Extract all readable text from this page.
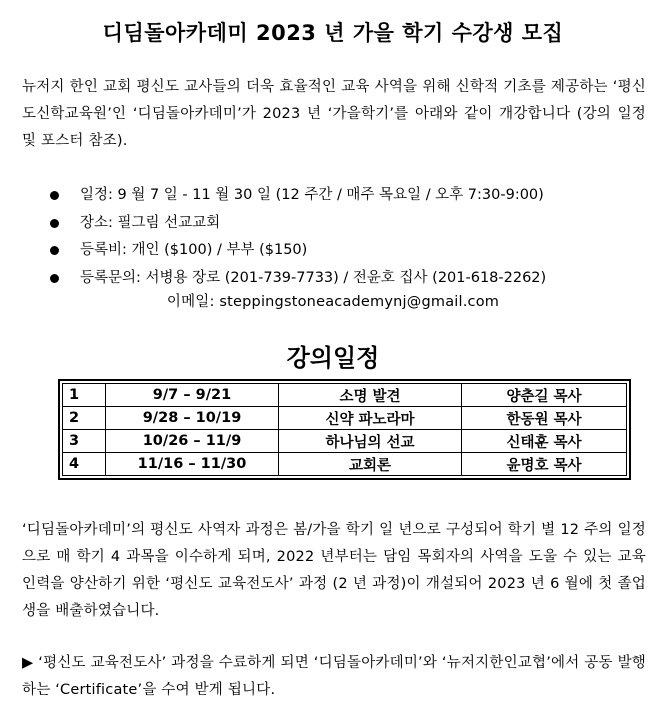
디딤돌아카데미 2023 년 가을 학기 수강생 모집
뉴저지 한인 교회 평신도 교사들의 더욱 효율적인 교육 사역을 위해 신학적 기초를 제공하는 ‘평신도신학교육원’인 ‘디딤돌아카데미’가 2023 년 ‘가을학기’를 아래와 같이 개강합니다 (강의 일정 및 포스터 참조).
일정: 9 월 7 일 - 11 월 30 일 (12 주간 / 매주 목요일 / 오후 7:30-9:00)
장소: 필그림 선교교회
등록비: 개인 ($100) / 부부 ($150)
등록문의: 서병용 장로 (201-739-7733) / 전윤호 집사 (201-618-2262)
이메일: steppingstoneacademynj@gmail.com
강의일정
1	9/7 – 9/21	소명 발견	양춘길 목사
2	9/28 – 10/19	신약 파노라마	한동원 목사
3	10/26 – 11/9	하나님의 선교	신태훈 목사
4	11/16 – 11/30	교회론	윤명호 목사
‘디딤돌아카데미’의 평신도 사역자 과정은 봄/가을 학기 일 년으로 구성되어 학기 별 12 주의 일정으로 매 학기 4 과목을 이수하게 되며, 2022 년부터는 담임 목회자의 사역을 도울 수 있는 교육 인력을 양산하기 위한 ‘평신도 교육전도사’ 과정 (2 년 과정)이 개설되어 2023 년 6 월에 첫 졸업생을 배출하였습니다.
▶ ‘평신도 교육전도사’ 과정을 수료하게 되면 ‘디딤돌아카데미’와 ‘뉴저지한인교협’에서 공동 발행하는 ‘Certificate’을 수여 받게 됩니다.
